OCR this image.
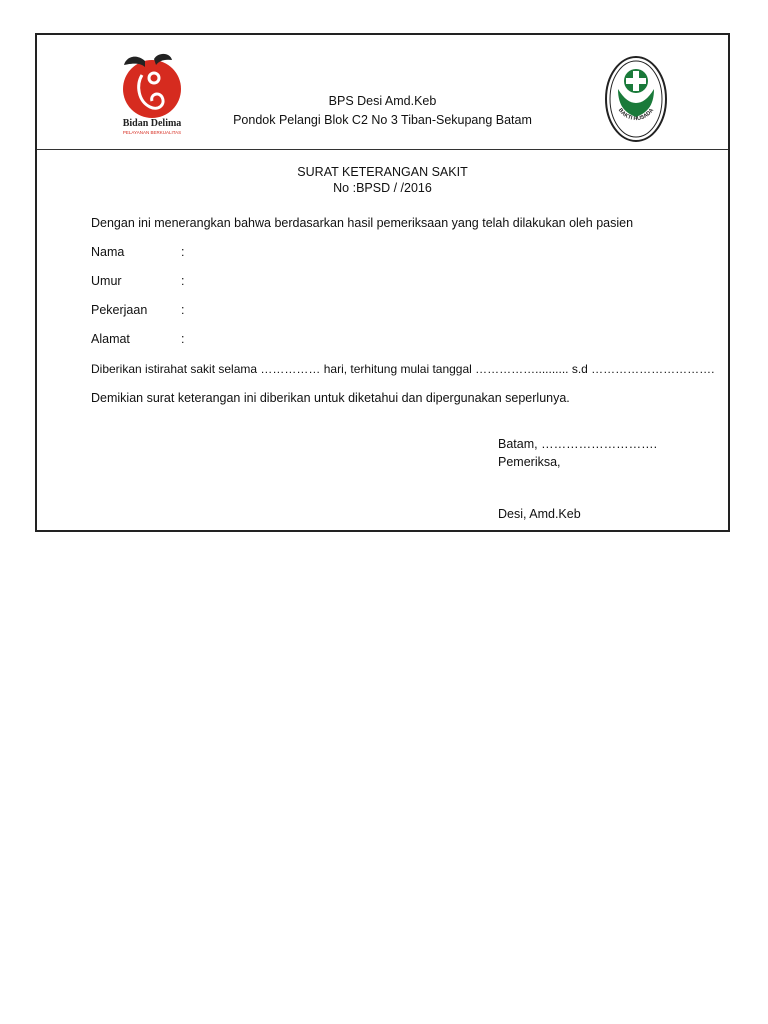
Bidan Delima
PELAYANAN BERKUALITAS
BPS Desi Amd.Keb
Pondok Pelangi Blok C2 No 3 Tiban-Sekupang Batam
BAKTI HUSADA
SURAT KETERANGAN SAKIT
No :BPSD / /2016
Dengan ini menerangkan bahwa berdasarkan hasil pemeriksaan yang telah dilakukan oleh pasien
Nama	:
Umur	:
Pekerjaan	:
Alamat	:
Diberikan istirahat sakit selama …………… hari, terhitung mulai tanggal …………….......... s.d ………………………….
Demikian surat keterangan ini diberikan untuk diketahui dan dipergunakan seperlunya.
Batam, ……………………….
Pemeriksa,
Desi, Amd.Keb
